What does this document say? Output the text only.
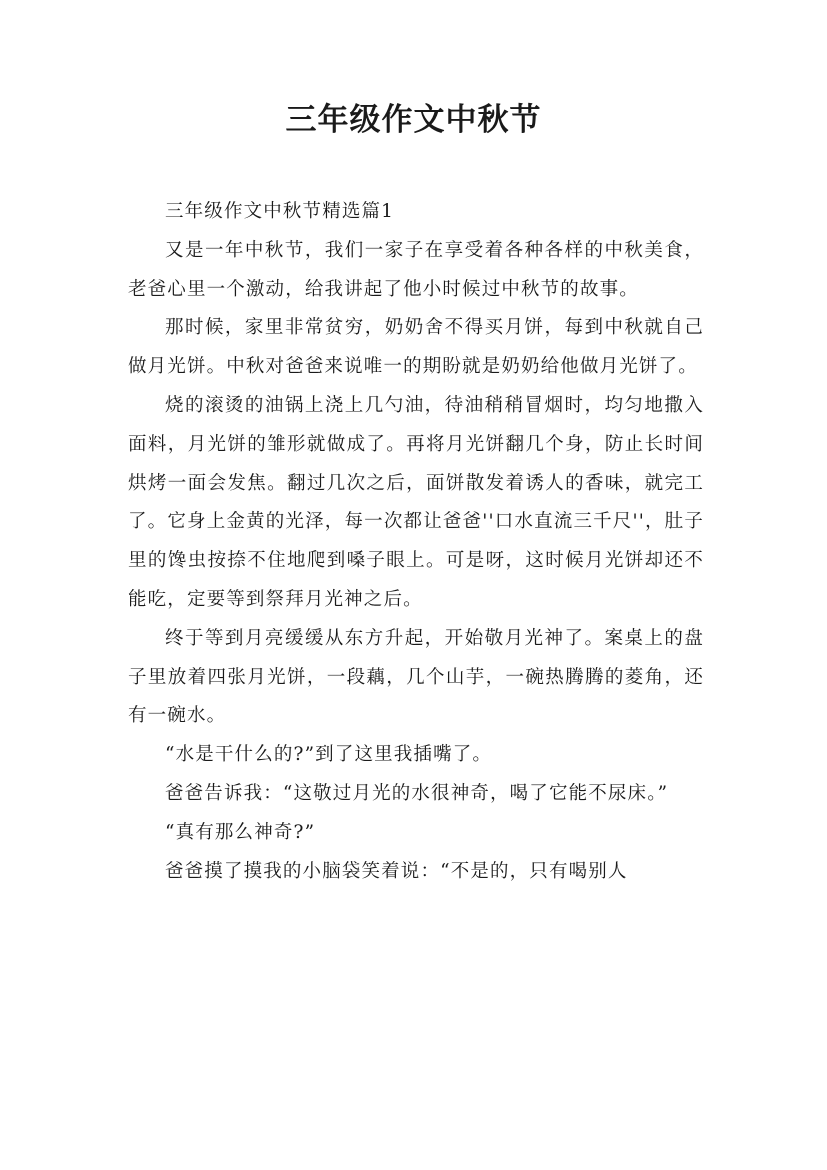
三年级作文中秋节

三年级作文中秋节精选篇1

又是一年中秋节，我们一家子在享受着各种各样的中秋美食，老爸心里一个激动，给我讲起了他小时候过中秋节的故事。

那时候，家里非常贫穷，奶奶舍不得买月饼，每到中秋就自己做月光饼。中秋对爸爸来说唯一的期盼就是奶奶给他做月光饼了。

烧的滚烫的油锅上浇上几勺油，待油稍稍冒烟时，均匀地撒入面料，月光饼的雏形就做成了。再将月光饼翻几个身，防止长时间烘烤一面会发焦。翻过几次之后，面饼散发着诱人的香味，就完工了。它身上金黄的光泽，每一次都让爸爸''口水直流三千尺''，肚子里的馋虫按捺不住地爬到嗓子眼上。可是呀，这时候月光饼却还不能吃，定要等到祭拜月光神之后。

终于等到月亮缓缓从东方升起，开始敬月光神了。案桌上的盘子里放着四张月光饼，一段藕，几个山芋，一碗热腾腾的菱角，还有一碗水。

“水是干什么的?”到了这里我插嘴了。

爸爸告诉我：“这敬过月光的水很神奇，喝了它能不尿床。”

“真有那么神奇?”

爸爸摸了摸我的小脑袋笑着说：“不是的，只有喝别人
